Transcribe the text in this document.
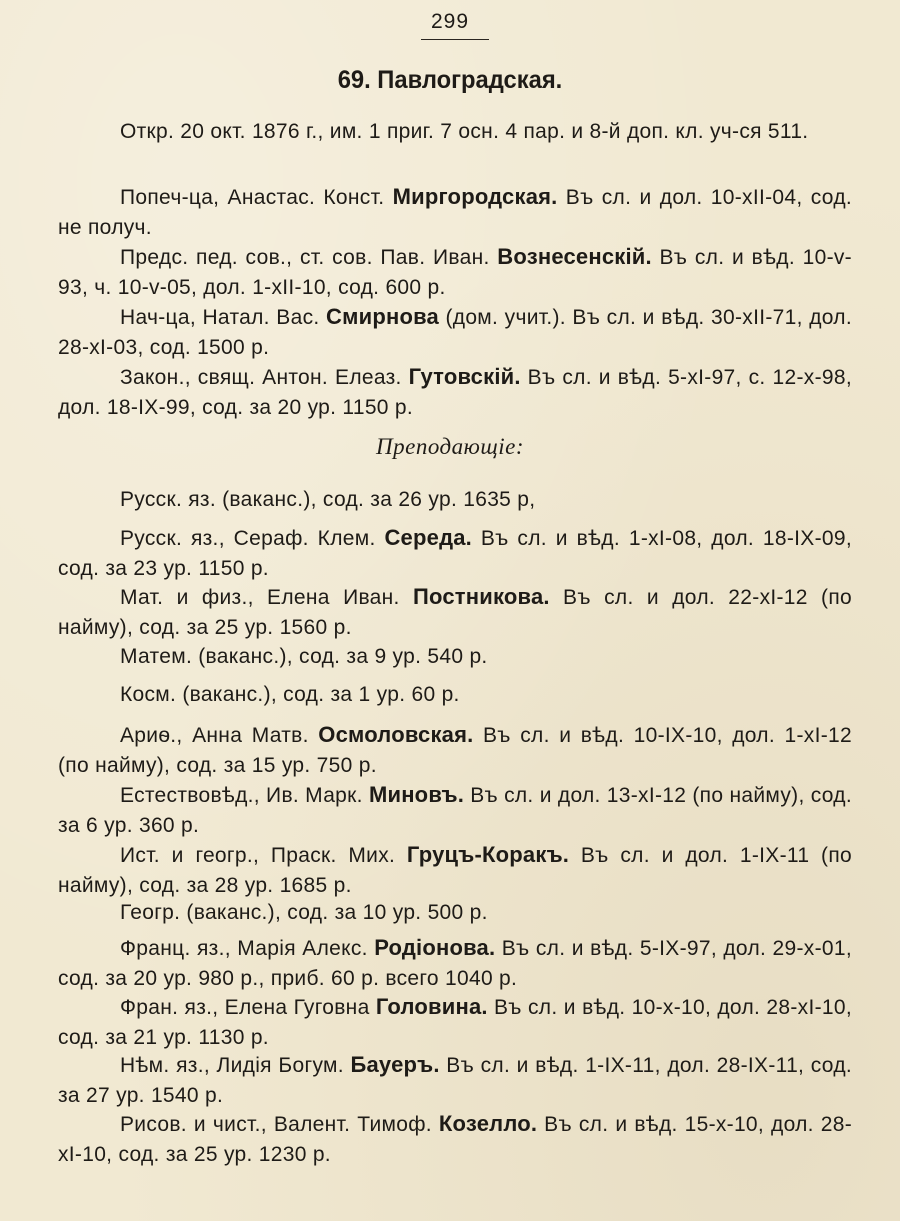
299
69. Павлоградская.
Откр. 20 окт. 1876 г., им. 1 приг. 7 осн. 4 пар. и 8-й доп. кл. уч-ся 511.
Попеч-ца, Анастас. Конст. Миргородская. Въ сл. и дол. 10-хII-04, сод. не получ.
Предс. пед. сов., ст. сов. Пав. Иван. Вознесенскій. Въ сл. и вѣд. 10-v-93, ч. 10-v-05, дол. 1-хII-10, сод. 600 р.
Нач-ца, Натал. Вас. Смирнова (дом. учит.). Въ сл. и вѣд. 30-хII-71, дол. 28-хI-03, сод. 1500 р.
Закон., свящ. Антон. Елеаз. Гутовскій. Въ сл. и вѣд. 5-хI-97, с. 12-х-98, дол. 18-IX-99, сод. за 20 ур. 1150 р.
Преподающіе:
Русск. яз. (ваканс.), сод. за 26 ур. 1635 р,
Русск. яз., Сераф. Клем. Середа. Въ сл. и вѣд. 1-хI-08, дол. 18-IX-09, сод. за 23 ур. 1150 р.
Мат. и физ., Елена Иван. Постникова. Въ сл. и дол. 22-хI-12 (по найму), сод. за 25 ур. 1560 р.
Матем. (ваканс.), сод. за 9 ур. 540 р.
Косм. (ваканс.), сод. за 1 ур. 60 р.
Ариѳ., Анна Матв. Осмоловская. Въ сл. и вѣд. 10-IX-10, дол. 1-хI-12 (по найму), сод. за 15 ур. 750 р.
Естествовѣд., Ив. Марк. Миновъ. Въ сл. и дол. 13-хI-12 (по найму), сод. за 6 ур. 360 р.
Ист. и геогр., Праск. Мих. Груцъ-Коракъ. Въ сл. и дол. 1-IX-11 (по найму), сод. за 28 ур. 1685 р.
Геогр. (ваканс.), сод. за 10 ур. 500 р.
Франц. яз., Марія Алекс. Родіонова. Въ сл. и вѣд. 5-IX-97, дол. 29-х-01, сод. за 20 ур. 980 р., приб. 60 р. всего 1040 р.
Фран. яз., Елена Гуговна Головина. Въ сл. и вѣд. 10-х-10, дол. 28-хI-10, сод. за 21 ур. 1130 р.
Нѣм. яз., Лидія Богум. Бауеръ. Въ сл. и вѣд. 1-IX-11, дол. 28-IX-11, сод. за 27 ур. 1540 р.
Рисов. и чист., Валент. Тимоф. Козелло. Въ сл. и вѣд. 15-х-10, дол. 28-хI-10, сод. за 25 ур. 1230 р.
